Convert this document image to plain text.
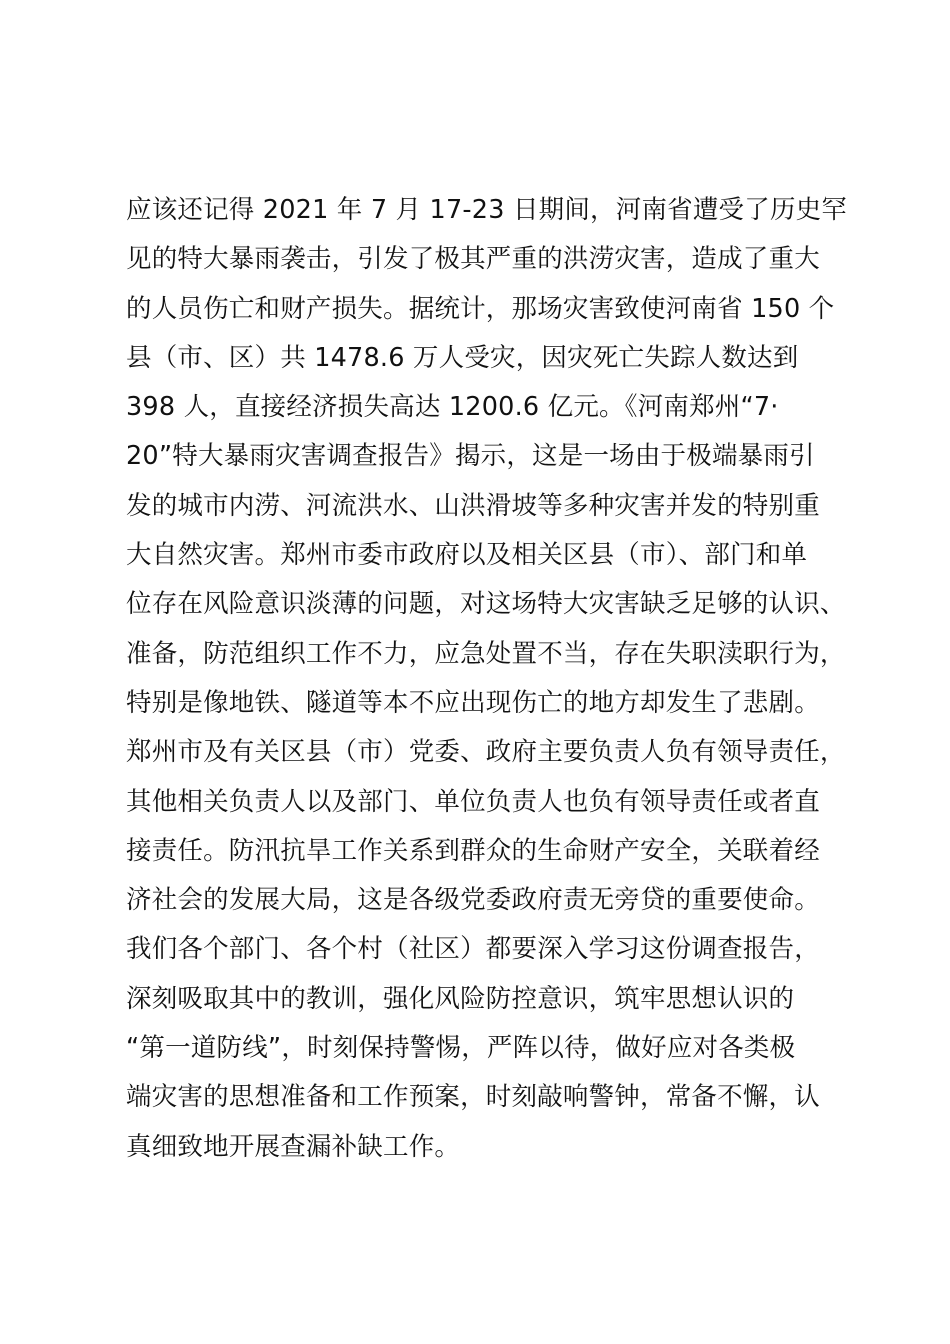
应该还记得 2021 年 7 月 17-23 日期间，河南省遭受了历史罕
见的特大暴雨袭击，引发了极其严重的洪涝灾害，造成了重大
的人员伤亡和财产损失。据统计，那场灾害致使河南省 150 个
县（市、区）共 1478.6 万人受灾，因灾死亡失踪人数达到
398 人，直接经济损失高达 1200.6 亿元。《河南郑州“7·
20”特大暴雨灾害调查报告》揭示，这是一场由于极端暴雨引
发的城市内涝、河流洪水、山洪滑坡等多种灾害并发的特别重
大自然灾害。郑州市委市政府以及相关区县（市）、部门和单
位存在风险意识淡薄的问题，对这场特大灾害缺乏足够的认识、
准备，防范组织工作不力，应急处置不当，存在失职渎职行为，
特别是像地铁、隧道等本不应出现伤亡的地方却发生了悲剧。
郑州市及有关区县（市）党委、政府主要负责人负有领导责任，
其他相关负责人以及部门、单位负责人也负有领导责任或者直
接责任。防汛抗旱工作关系到群众的生命财产安全，关联着经
济社会的发展大局，这是各级党委政府责无旁贷的重要使命。
我们各个部门、各个村（社区）都要深入学习这份调查报告，
深刻吸取其中的教训，强化风险防控意识，筑牢思想认识的
“第一道防线”，时刻保持警惕，严阵以待，做好应对各类极
端灾害的思想准备和工作预案，时刻敲响警钟，常备不懈，认
真细致地开展查漏补缺工作。
